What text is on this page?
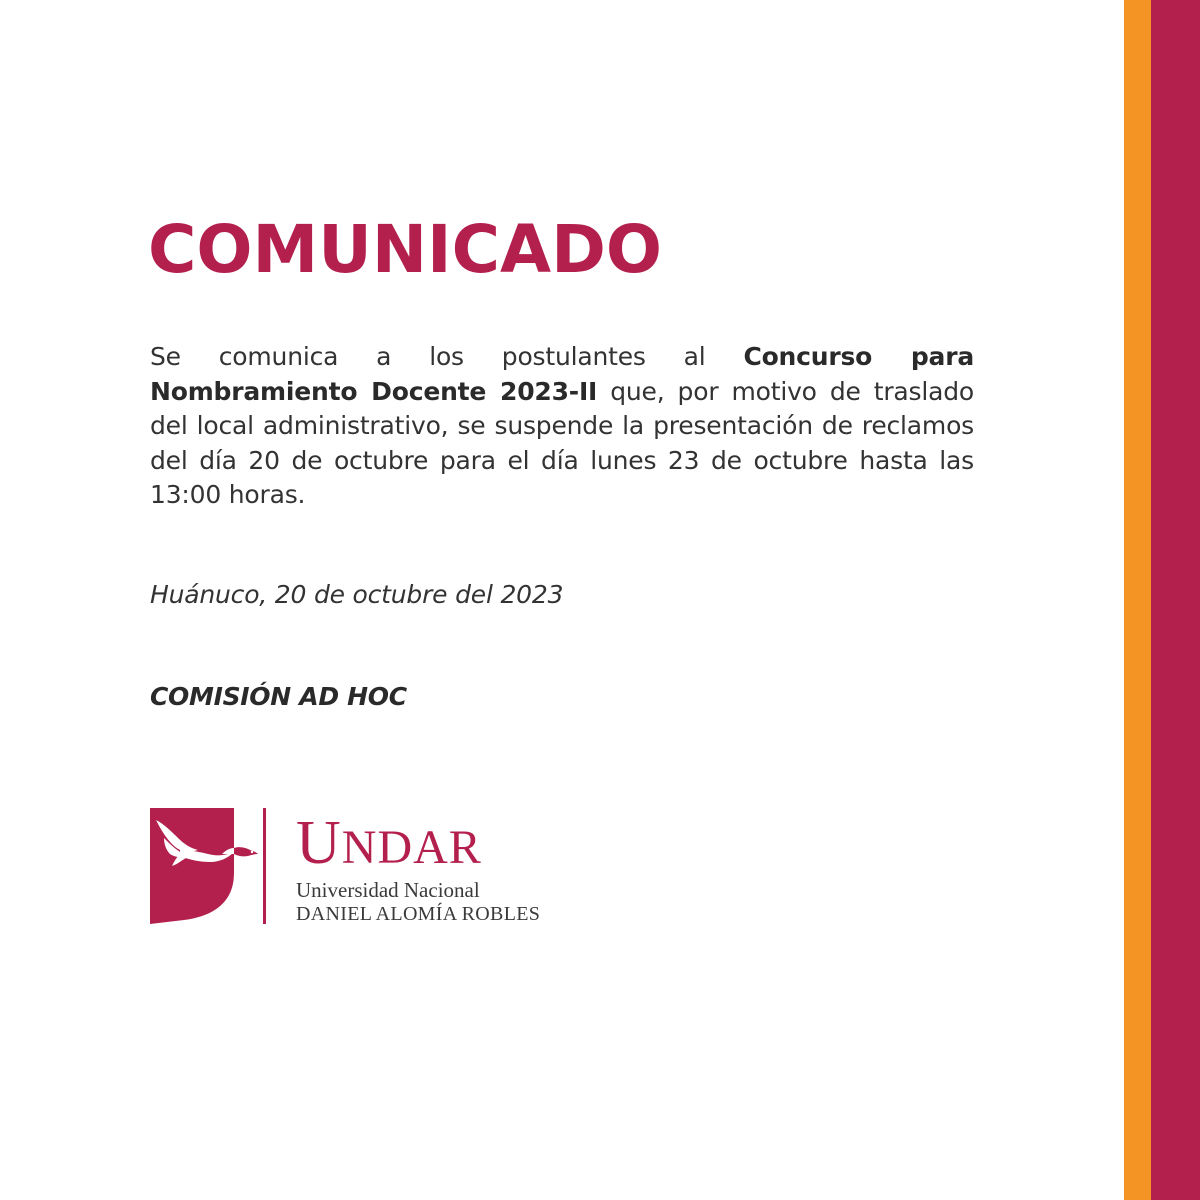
COMUNICADO

Se comunica a los postulantes al Concurso para Nombramiento Docente 2023-II que, por motivo de traslado del local administrativo, se suspende la presentación de reclamos del día 20 de octubre para el día lunes 23 de octubre hasta las 13:00 horas.

Huánuco, 20 de octubre del 2023

COMISIÓN AD HOC

UNDAR

Universidad Nacional

DANIEL ALOMÍA ROBLES
